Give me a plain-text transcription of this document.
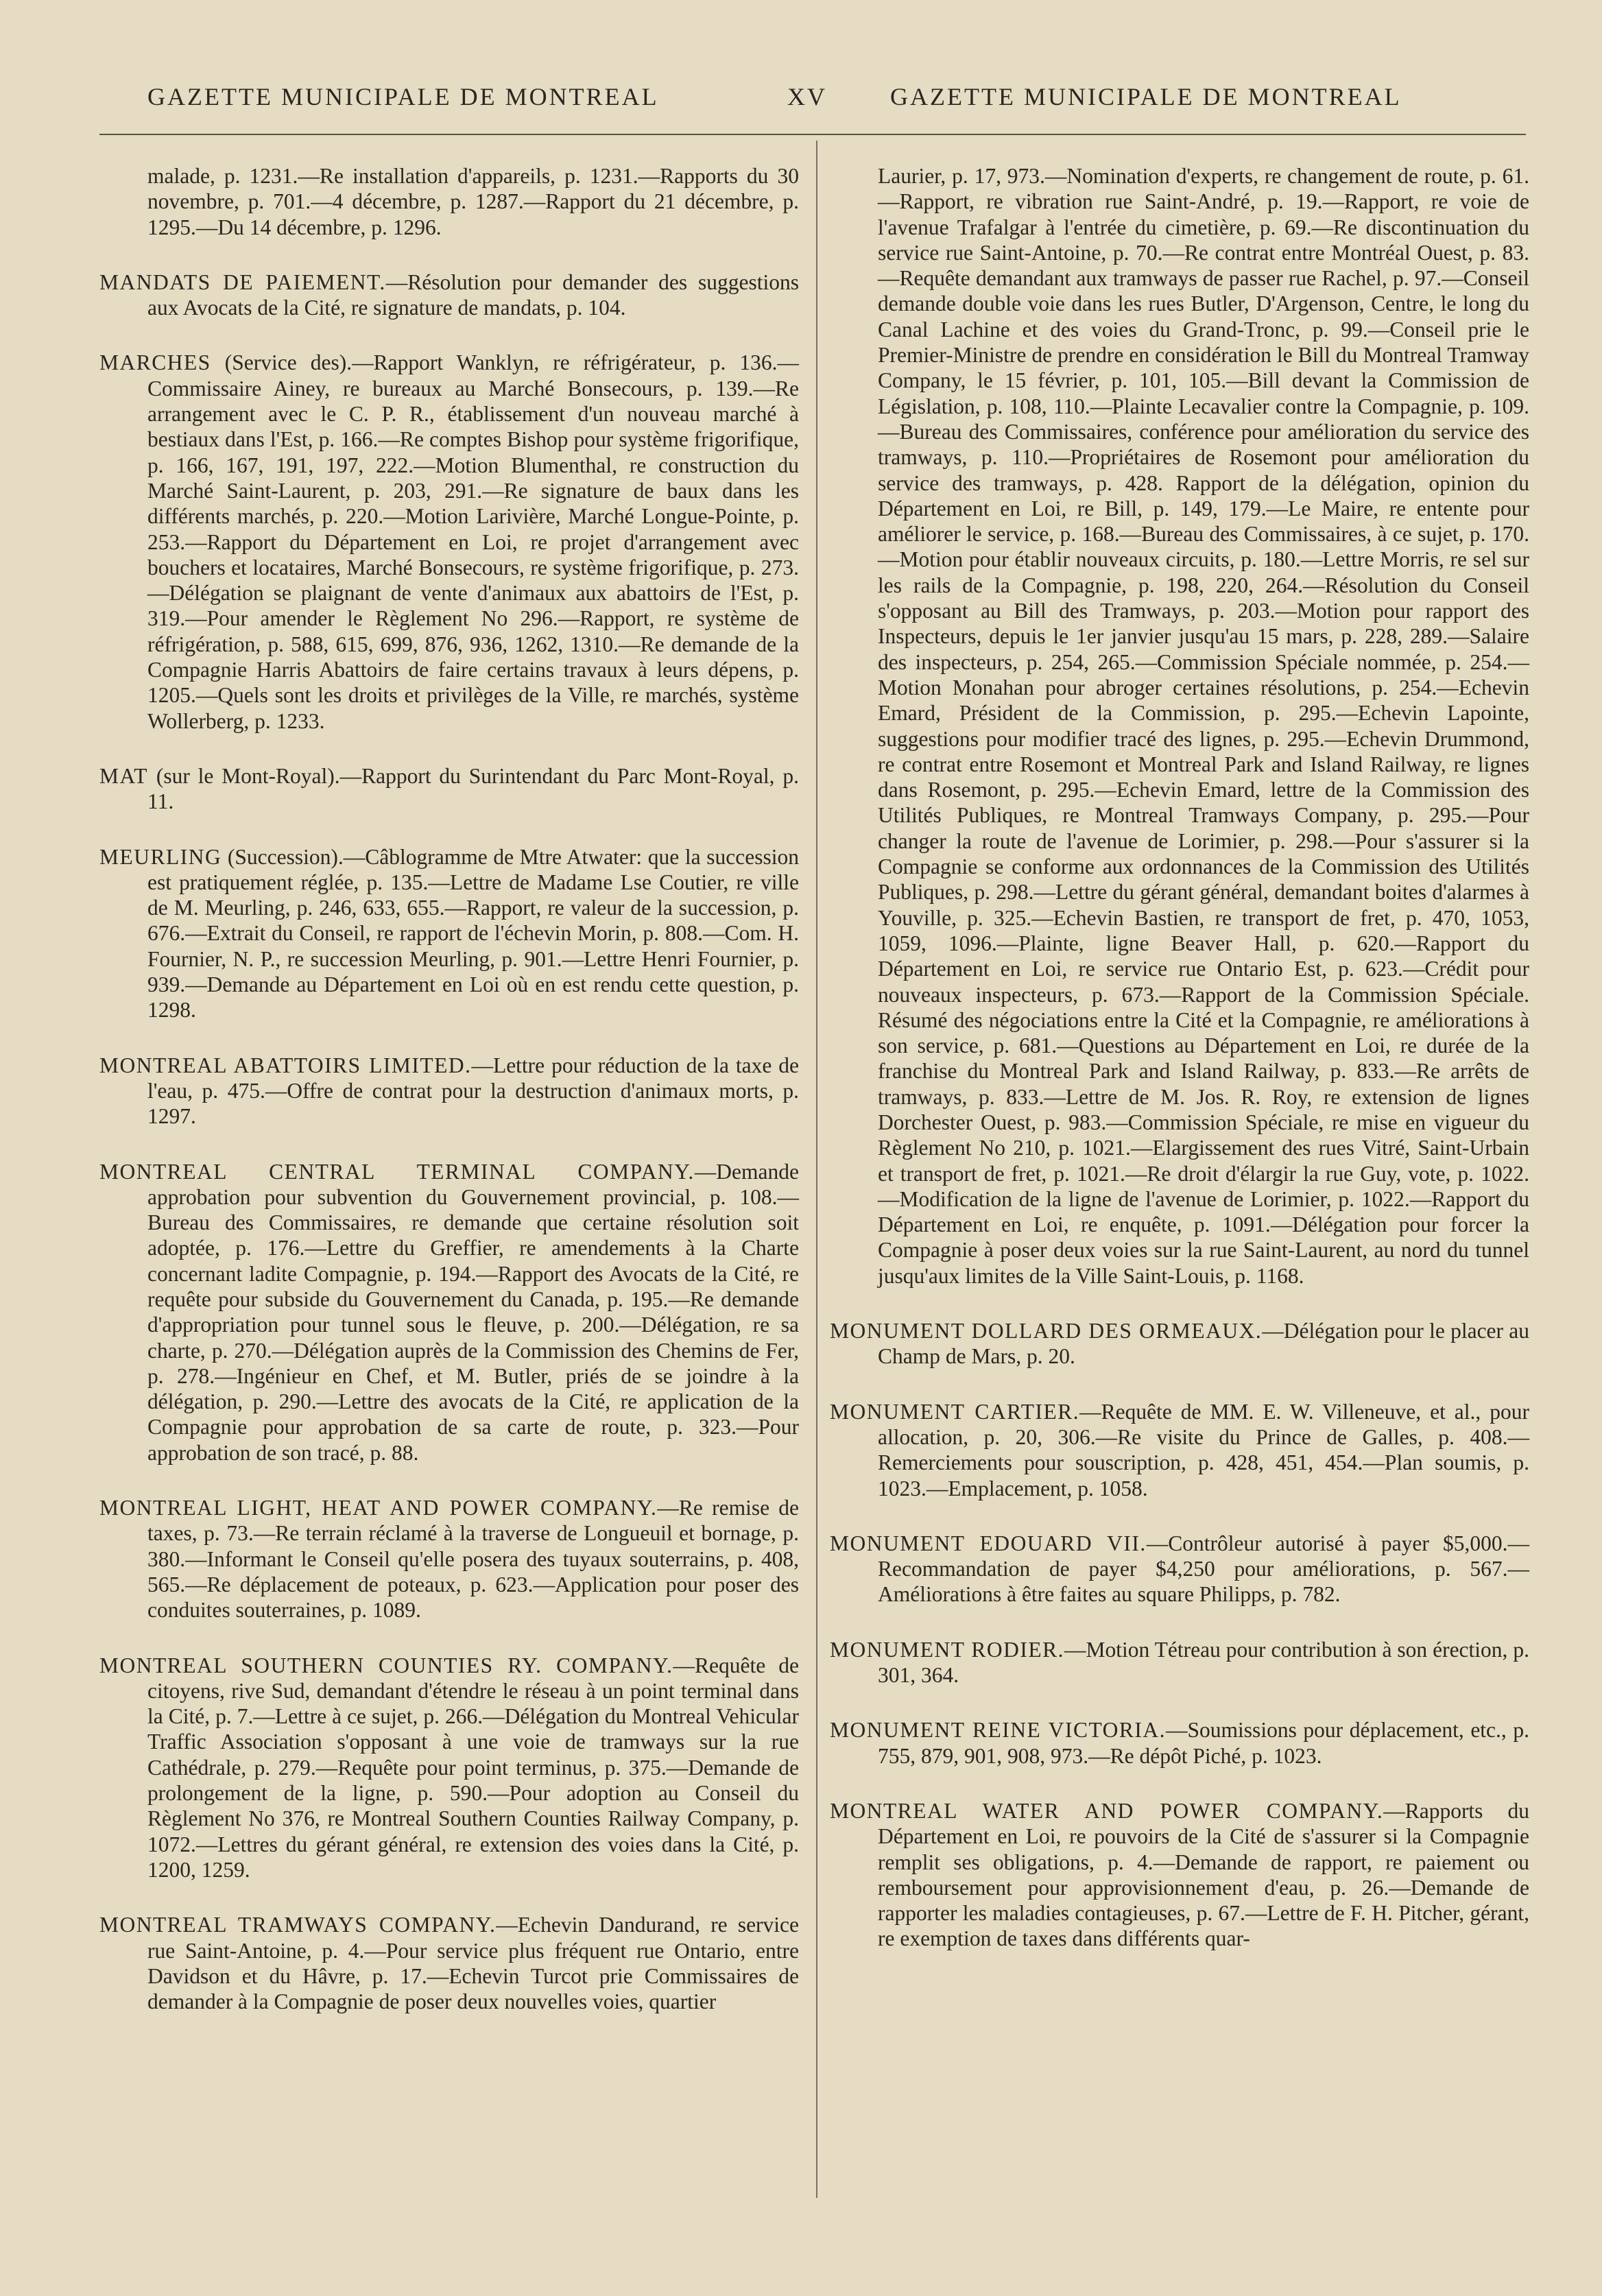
GAZETTE MUNICIPALE DE MONTREAL	XV	GAZETTE MUNICIPALE DE MONTREAL

malade, p. 1231.—Re installation d'appareils, p. 1231.—Rapports du 30 novembre, p. 701.—4 décembre, p. 1287.—Rapport du 21 décembre, p. 1295.—Du 14 décembre, p. 1296.

MANDATS DE PAIEMENT.—Résolution pour demander des suggestions aux Avocats de la Cité, re signature de mandats, p. 104.

MARCHES (Service des).—Rapport Wanklyn, re réfrigérateur, p. 136.—Commissaire Ainey, re bureaux au Marché Bonsecours, p. 139.—Re arrangement avec le C. P. R., établissement d'un nouveau marché à bestiaux dans l'Est, p. 166.—Re comptes Bishop pour système frigorifique, p. 166, 167, 191, 197, 222.—Motion Blumenthal, re construction du Marché Saint-Laurent, p. 203, 291.—Re signature de baux dans les différents marchés, p. 220.—Motion Larivière, Marché Longue-Pointe, p. 253.—Rapport du Département en Loi, re projet d'arrangement avec bouchers et locataires, Marché Bonsecours, re système frigorifique, p. 273.—Délégation se plaignant de vente d'animaux aux abattoirs de l'Est, p. 319.—Pour amender le Règlement No 296.—Rapport, re système de réfrigération, p. 588, 615, 699, 876, 936, 1262, 1310.—Re demande de la Compagnie Harris Abattoirs de faire certains travaux à leurs dépens, p. 1205.—Quels sont les droits et privilèges de la Ville, re marchés, système Wollerberg, p. 1233.

MAT (sur le Mont-Royal).—Rapport du Surintendant du Parc Mont-Royal, p. 11.

MEURLING (Succession).—Câblogramme de Mtre Atwater: que la succession est pratiquement réglée, p. 135.—Lettre de Madame Lse Coutier, re ville de M. Meurling, p. 246, 633, 655.—Rapport, re valeur de la succession, p. 676.—Extrait du Conseil, re rapport de l'échevin Morin, p. 808.—Com. H. Fournier, N. P., re succession Meurling, p. 901.—Lettre Henri Fournier, p. 939.—Demande au Département en Loi où en est rendu cette question, p. 1298.

MONTREAL ABATTOIRS LIMITED.—Lettre pour réduction de la taxe de l'eau, p. 475.—Offre de contrat pour la destruction d'animaux morts, p. 1297.

MONTREAL CENTRAL TERMINAL COMPANY.—Demande approbation pour subvention du Gouvernement provincial, p. 108.—Bureau des Commissaires, re demande que certaine résolution soit adoptée, p. 176.—Lettre du Greffier, re amendements à la Charte concernant ladite Compagnie, p. 194.—Rapport des Avocats de la Cité, re requête pour subside du Gouvernement du Canada, p. 195.—Re demande d'appropriation pour tunnel sous le fleuve, p. 200.—Délégation, re sa charte, p. 270.—Délégation auprès de la Commission des Chemins de Fer, p. 278.—Ingénieur en Chef, et M. Butler, priés de se joindre à la délégation, p. 290.—Lettre des avocats de la Cité, re application de la Compagnie pour approbation de sa carte de route, p. 323.—Pour approbation de son tracé, p. 88.

MONTREAL LIGHT, HEAT AND POWER COMPANY.—Re remise de taxes, p. 73.—Re terrain réclamé à la traverse de Longueuil et bornage, p. 380.—Informant le Conseil qu'elle posera des tuyaux souterrains, p. 408, 565.—Re déplacement de poteaux, p. 623.—Application pour poser des conduites souterraines, p. 1089.

MONTREAL SOUTHERN COUNTIES RY. COMPANY.—Requête de citoyens, rive Sud, demandant d'étendre le réseau à un point terminal dans la Cité, p. 7.—Lettre à ce sujet, p. 266.—Délégation du Montreal Vehicular Traffic Association s'opposant à une voie de tramways sur la rue Cathédrale, p. 279.—Requête pour point terminus, p. 375.—Demande de prolongement de la ligne, p. 590.—Pour adoption au Conseil du Règlement No 376, re Montreal Southern Counties Railway Company, p. 1072.—Lettres du gérant général, re extension des voies dans la Cité, p. 1200, 1259.

MONTREAL TRAMWAYS COMPANY.—Echevin Dandurand, re service rue Saint-Antoine, p. 4.—Pour service plus fréquent rue Ontario, entre Davidson et du Hâvre, p. 17.—Echevin Turcot prie Commissaires de demander à la Compagnie de poser deux nouvelles voies, quartier

Laurier, p. 17, 973.—Nomination d'experts, re changement de route, p. 61.—Rapport, re vibration rue Saint-André, p. 19.—Rapport, re voie de l'avenue Trafalgar à l'entrée du cimetière, p. 69.—Re discontinuation du service rue Saint-Antoine, p. 70.—Re contrat entre Montréal Ouest, p. 83.—Requête demandant aux tramways de passer rue Rachel, p. 97.—Conseil demande double voie dans les rues Butler, D'Argenson, Centre, le long du Canal Lachine et des voies du Grand-Tronc, p. 99.—Conseil prie le Premier-Ministre de prendre en considération le Bill du Montreal Tramway Company, le 15 février, p. 101, 105.—Bill devant la Commission de Législation, p. 108, 110.—Plainte Lecavalier contre la Compagnie, p. 109.—Bureau des Commissaires, conférence pour amélioration du service des tramways, p. 110.—Propriétaires de Rosemont pour amélioration du service des tramways, p. 428. Rapport de la délégation, opinion du Département en Loi, re Bill, p. 149, 179.—Le Maire, re entente pour améliorer le service, p. 168.—Bureau des Commissaires, à ce sujet, p. 170.—Motion pour établir nouveaux circuits, p. 180.—Lettre Morris, re sel sur les rails de la Compagnie, p. 198, 220, 264.—Résolution du Conseil s'opposant au Bill des Tramways, p. 203.—Motion pour rapport des Inspecteurs, depuis le 1er janvier jusqu'au 15 mars, p. 228, 289.—Salaire des inspecteurs, p. 254, 265.—Commission Spéciale nommée, p. 254.—Motion Monahan pour abroger certaines résolutions, p. 254.—Echevin Emard, Président de la Commission, p. 295.—Echevin Lapointe, suggestions pour modifier tracé des lignes, p. 295.—Echevin Drummond, re contrat entre Rosemont et Montreal Park and Island Railway, re lignes dans Rosemont, p. 295.—Echevin Emard, lettre de la Commission des Utilités Publiques, re Montreal Tramways Company, p. 295.—Pour changer la route de l'avenue de Lorimier, p. 298.—Pour s'assurer si la Compagnie se conforme aux ordonnances de la Commission des Utilités Publiques, p. 298.—Lettre du gérant général, demandant boites d'alarmes à Youville, p. 325.—Echevin Bastien, re transport de fret, p. 470, 1053, 1059, 1096.—Plainte, ligne Beaver Hall, p. 620.—Rapport du Département en Loi, re service rue Ontario Est, p. 623.—Crédit pour nouveaux inspecteurs, p. 673.—Rapport de la Commission Spéciale. Résumé des négociations entre la Cité et la Compagnie, re améliorations à son service, p. 681.—Questions au Département en Loi, re durée de la franchise du Montreal Park and Island Railway, p. 833.—Re arrêts de tramways, p. 833.—Lettre de M. Jos. R. Roy, re extension de lignes Dorchester Ouest, p. 983.—Commission Spéciale, re mise en vigueur du Règlement No 210, p. 1021.—Elargissement des rues Vitré, Saint-Urbain et transport de fret, p. 1021.—Re droit d'élargir la rue Guy, vote, p. 1022.—Modification de la ligne de l'avenue de Lorimier, p. 1022.—Rapport du Département en Loi, re enquête, p. 1091.—Délégation pour forcer la Compagnie à poser deux voies sur la rue Saint-Laurent, au nord du tunnel jusqu'aux limites de la Ville Saint-Louis, p. 1168.

MONUMENT DOLLARD DES ORMEAUX.—Délégation pour le placer au Champ de Mars, p. 20.

MONUMENT CARTIER.—Requête de MM. E. W. Villeneuve, et al., pour allocation, p. 20, 306.—Re visite du Prince de Galles, p. 408.—Remerciements pour souscription, p. 428, 451, 454.—Plan soumis, p. 1023.—Emplacement, p. 1058.

MONUMENT EDOUARD VII.—Contrôleur autorisé à payer $5,000.—Recommandation de payer $4,250 pour améliorations, p. 567.—Améliorations à être faites au square Philipps, p. 782.

MONUMENT RODIER.—Motion Tétreau pour contribution à son érection, p. 301, 364.

MONUMENT REINE VICTORIA.—Soumissions pour déplacement, etc., p. 755, 879, 901, 908, 973.—Re dépôt Piché, p. 1023.

MONTREAL WATER AND POWER COMPANY.—Rapports du Département en Loi, re pouvoirs de la Cité de s'assurer si la Compagnie remplit ses obligations, p. 4.—Demande de rapport, re paiement ou remboursement pour approvisionnement d'eau, p. 26.—Demande de rapporter les maladies contagieuses, p. 67.—Lettre de F. H. Pitcher, gérant, re exemption de taxes dans différents quar-
